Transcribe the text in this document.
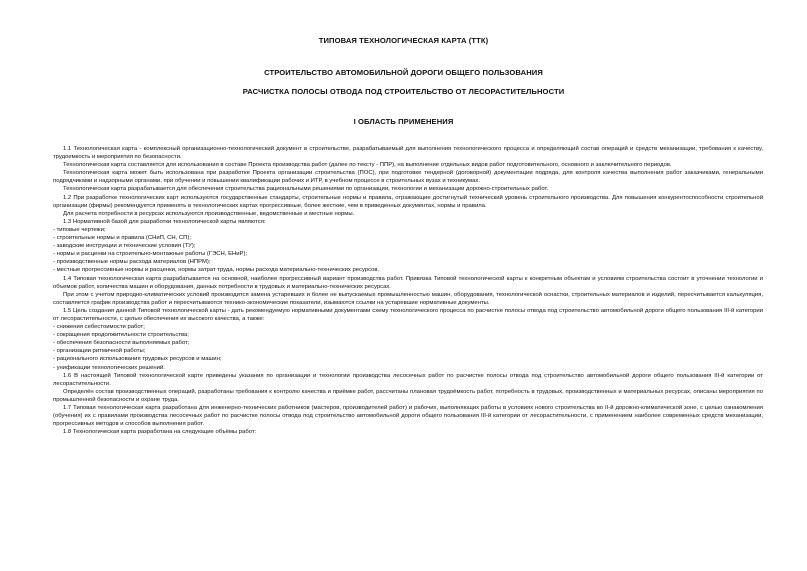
ТИПОВАЯ ТЕХНОЛОГИЧЕСКАЯ КАРТА (ТТК)
СТРОИТЕЛЬСТВО АВТОМОБИЛЬНОЙ ДОРОГИ ОБЩЕГО ПОЛЬЗОВАНИЯ
РАСЧИСТКА ПОЛОСЫ ОТВОДА ПОД СТРОИТЕЛЬСТВО ОТ ЛЕСОРАСТИТЕЛЬНОСТИ
I ОБЛАСТЬ ПРИМЕНЕНИЯ

1.1 Технологическая карта - комплексный организационно-технологический документ в строительстве, разрабатываемый для выполнения технологического процесса и определяющий состав операций и средств механизации, требования к качеству, трудоемкость и мероприятия по безопасности.

Технологическая карта составляется для использования в составе Проекта производства работ (далее по тексту - ППР), на выполнение отдельных видов работ подготовительного, основного и заключительного периодов.

Технологическая карта может быть использована при разработке Проекта организации строительства (ПОС), при подготовке тендерной (договорной) документации подряда, для контроля качества выполнения работ заказчиками, генеральными подрядчиками и надзорными органами, при обучении и повышении квалификации рабочих и ИТР, в учебном процессе в строительных вузах и техникумах.

Технологическая карта разрабатывается для обеспечения строительства рациональными решениями по организации, технологии и механизации дорожно-строительных работ.

1.2 При разработке технологических карт используются государственные стандарты, строительные нормы и правила, отражающие достигнутый технический уровень строительного производства. Для повышения конкурентоспособности строительной организации (фирмы) рекомендуется применять в технологических картах прогрессивные, более жесткие, чем в приведенных документах, нормы и правила.

Для расчета потребности в ресурсах используются производственные, ведомственные и местные нормы.

1.3 Нормативной базой для разработки технологической карты являются:

- типовые чертежи;

- строительные нормы и правила (СНиП, СН, СП);

- заводские инструкции и технические условия (ТУ);

- нормы и расценки на строительно-монтажные работы (ГЭСН, ЕНиР);

- производственные нормы расхода материалов (НПРМ);

- местные прогрессивные нормы и расценки, нормы затрат труда, нормы расхода материально-технических ресурсов.

1.4 Типовая технологическая карта разрабатывается на основной, наиболее прогрессивный вариант производства работ. Привязка Типовой технологической карты к конкретным объектам и условиям строительства состоит в уточнении технологии и объемов работ, количества машин и оборудования, данных потребности в трудовых и материально-технических ресурсах.

При этом с учетом природно-климатических условий производится замена устаревших и более не выпускаемых промышленностью машин, оборудования, технологической оснастки, строительных материалов и изделий, пересчитывается калькуляция, составляется график производства работ и пересчитываются технико-экономические показатели, изымаются ссылки на устаревшие нормативные документы.

1.5 Цель создания данной Типовой технологической карты - дать рекомендуемую нормативными документами схему технологического процесса по расчистке полосы отвода под строительство автомобильной дороги общего пользования III-й категории от лесорастительности, с целью обеспечения их высокого качества, а также:

- снижения себестоимости работ;

- сокращения продолжительности строительства;

- обеспечения безопасности выполняемых работ;

- организации ритмичной работы;

- рационального использования трудовых ресурсов и машин;

- унификации технологических решений.

1.6 В настоящей Типовой технологической карте приведены указания по организации и технологии производства лесосечных работ по расчистке полосы отвода под строительство автомобильной дороги общего пользования III-й категории от лесорастительности.

Определён состав производственных операций, разработаны требования к контролю качества и приёмке работ, рассчитаны плановая трудоёмкость работ, потребность в трудовых, производственных и материальных ресурсах, описаны мероприятия по промышленной безопасности и охране труда.

1.7 Типовая технологическая карта разработана для инженерно-технических работников (мастеров, производителей работ) и рабочих, выполняющих работы в условиях нового строительства во II-й дорожно-климатической зоне, с целью ознакомления (обучения) их с правилами производства лесосечных работ по расчистке полосы отвода под строительство автомобильной дороги общего пользования III-й категории от лесорастительности, с применением наиболее современных средств механизации, прогрессивных методов и способов выполнения работ.

1.8 Технологическая карта разработана на следующие объёмы работ:
